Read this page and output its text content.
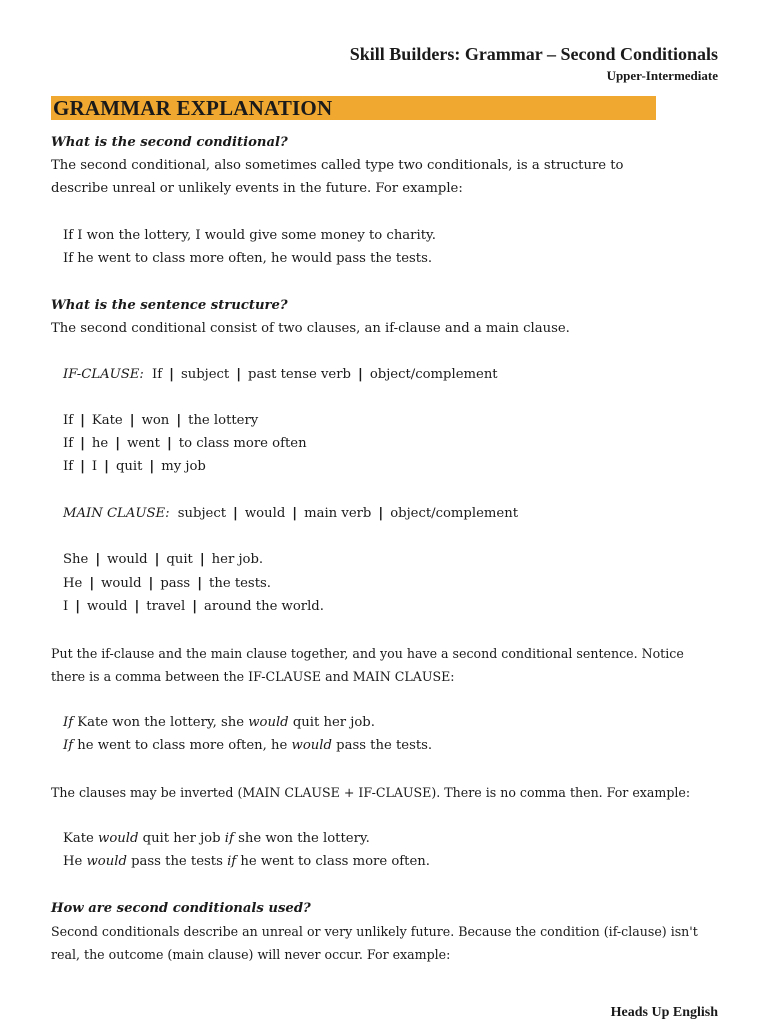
Skill Builders: Grammar – Second Conditionals
Upper-Intermediate
GRAMMAR EXPLANATION
What is the second conditional?
The second conditional, also sometimes called type two conditionals, is a structure to
describe unreal or unlikely events in the future. For example:
If I won the lottery, I would give some money to charity.
If he went to class more often, he would pass the tests.
What is the sentence structure?
The second conditional consist of two clauses, an if-clause and a main clause.
IF-CLAUSE: If | subject | past tense verb | object/complement
If | Kate | won | the lottery
If | he | went | to class more often
If | I | quit | my job
MAIN CLAUSE: subject | would | main verb | object/complement
She | would | quit | her job.
He | would | pass | the tests.
I | would | travel | around the world.
Put the if-clause and the main clause together, and you have a second conditional sentence. Notice
there is a comma between the IF-CLAUSE and MAIN CLAUSE:
If Kate won the lottery, she would quit her job.
If he went to class more often, he would pass the tests.
The clauses may be inverted (MAIN CLAUSE + IF-CLAUSE). There is no comma then. For example:
Kate would quit her job if she won the lottery.
He would pass the tests if he went to class more often.
How are second conditionals used?
Second conditionals describe an unreal or very unlikely future. Because the condition (if-clause) isn't
real, the outcome (main clause) will never occur. For example:
Heads Up English
